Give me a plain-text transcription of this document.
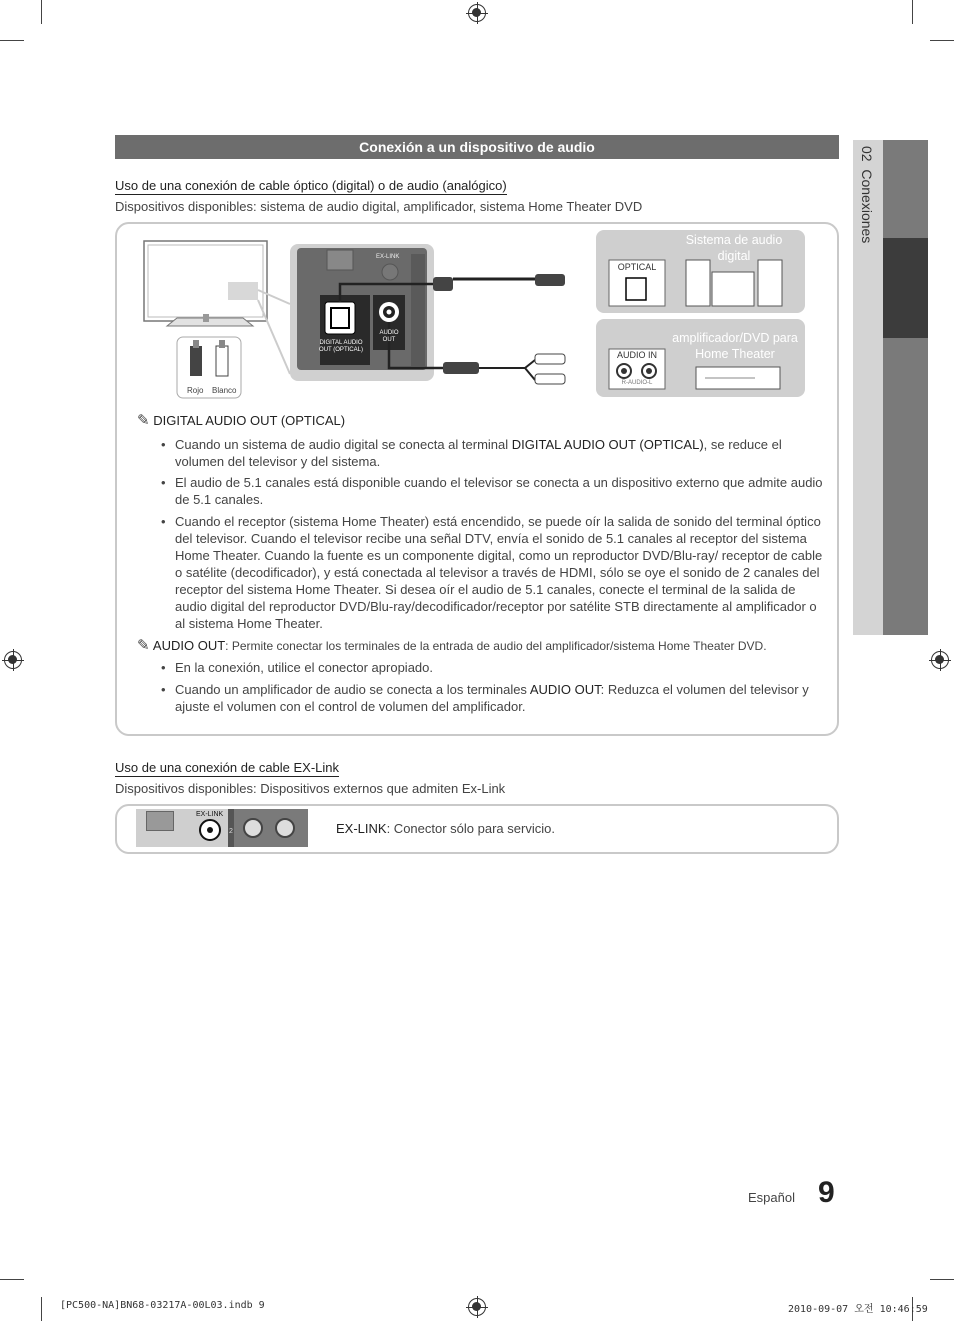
02  Conexiones
Conexión a un dispositivo de audio
Uso de una conexión de cable óptico (digital) o de audio (analógico)
Dispositivos disponibles: sistema de audio digital, amplificador, sistema Home Theater DVD
Rojo Blanco
EX-LINK
DIGITAL AUDIO OUT (OPTICAL)
AUDIO OUT
Sistema de audio digital
OPTICAL
amplificador/DVD para Home Theater
AUDIO IN
R-AUDIO-L
✎ DIGITAL AUDIO OUT (OPTICAL)
• Cuando un sistema de audio digital se conecta al terminal DIGITAL AUDIO OUT (OPTICAL), se reduce el volumen del televisor y del sistema.
• El audio de 5.1 canales está disponible cuando el televisor se conecta a un dispositivo externo que admite audio de 5.1 canales.
• Cuando el receptor (sistema Home Theater) está encendido, se puede oír la salida de sonido del terminal óptico del televisor. Cuando el televisor recibe una señal DTV, envía el sonido de 5.1 canales al receptor del sistema Home Theater. Cuando la fuente es un componente digital, como un reproductor DVD/Blu-ray/ receptor de cable o satélite (decodificador), y está conectada al televisor a través de HDMI, sólo se oye el sonido de 2 canales del receptor del sistema Home Theater. Si desea oír el audio de 5.1 canales, conecte el terminal de la salida de audio digital del reproductor DVD/Blu-ray/decodificador/receptor por satélite STB directamente al amplificador o al sistema Home Theater.
✎ AUDIO OUT: Permite conectar los terminales de la entrada de audio del amplificador/sistema Home Theater DVD.
• En la conexión, utilice el conector apropiado.
• Cuando un amplificador de audio se conecta a los terminales AUDIO OUT: Reduzca el volumen del televisor y ajuste el volumen con el control de volumen del amplificador.
Uso de una conexión de cable EX-Link
Dispositivos disponibles: Dispositivos externos que admiten Ex-Link
EX-LINK
2	EX-LINK: Conector sólo para servicio.
Español 9
[PC500-NA]BN68-03217A-00L03.indb 9	2010-09-07 오전 10:46:59
